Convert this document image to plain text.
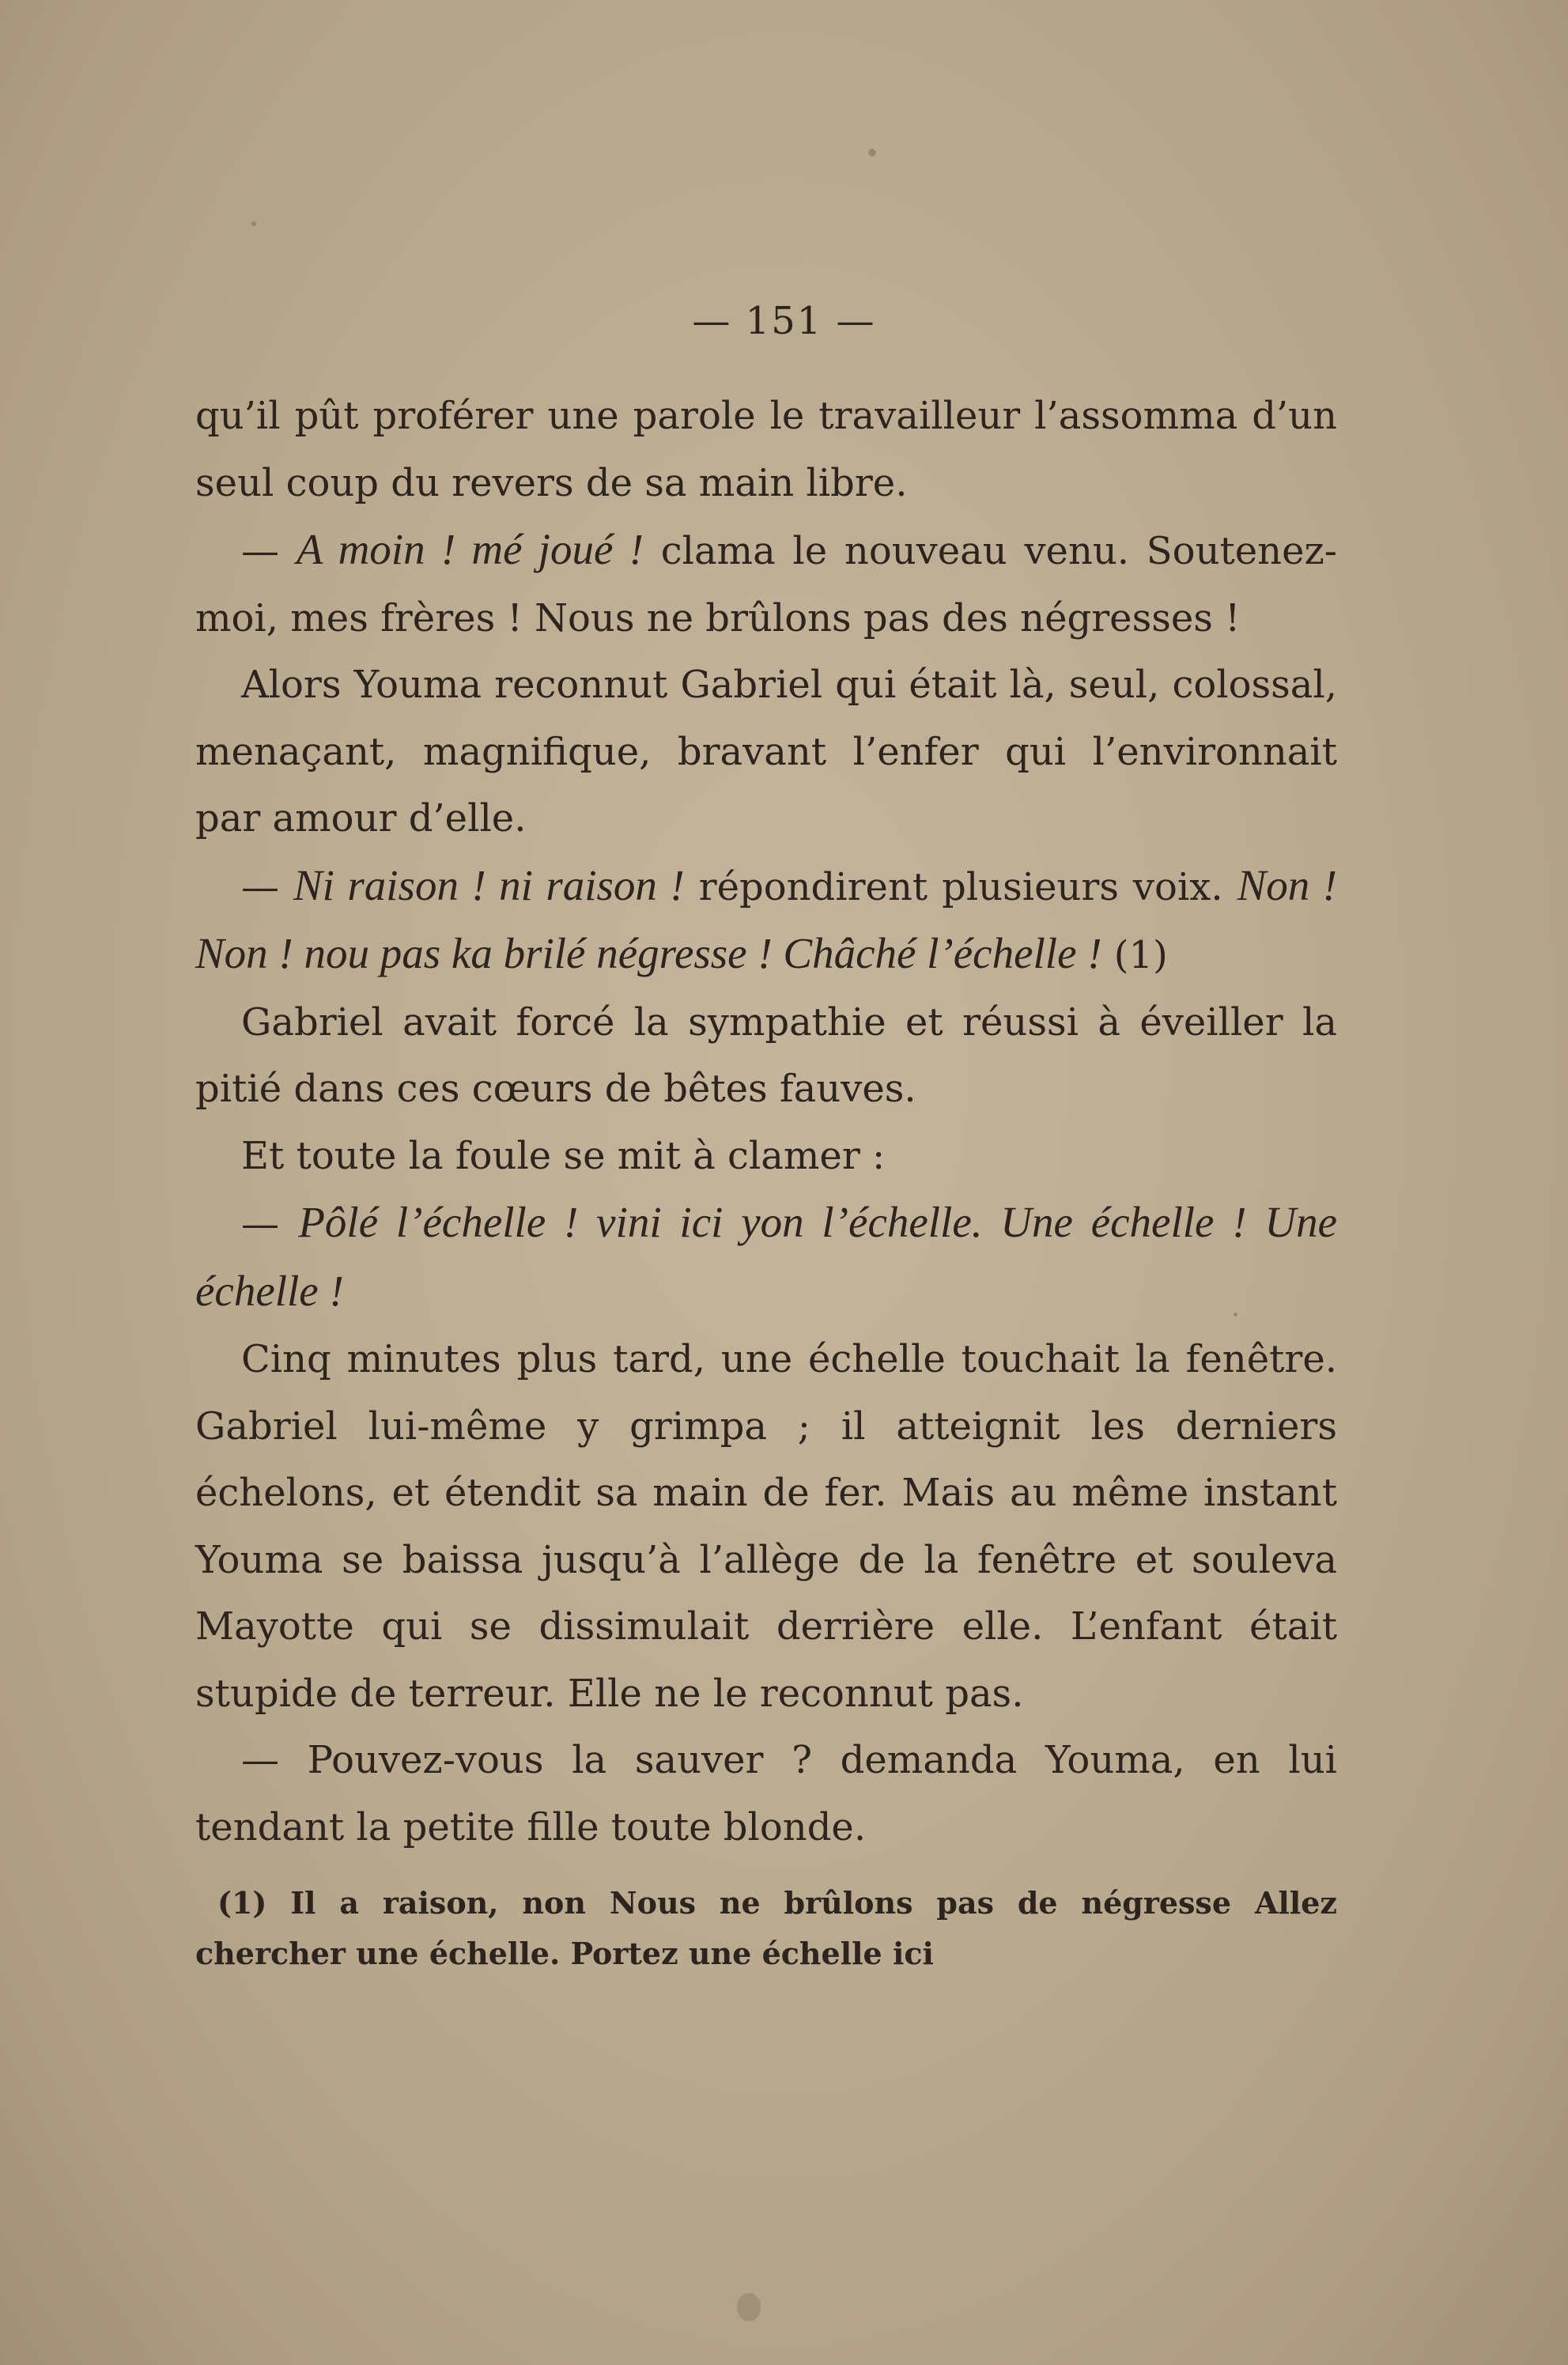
— 151 —

qu’il pût proférer une parole le travailleur l’assomma d’un seul coup du revers de sa main libre.

— A moin ! mé joué ! clama le nouveau venu. Soutenez-moi, mes frères ! Nous ne brûlons pas des négresses !

Alors Youma reconnut Gabriel qui était là, seul, colossal, menaçant, magnifique, bravant l’enfer qui l’environnait par amour d’elle.

— Ni raison ! ni raison ! répondirent plusieurs voix. Non ! Non ! nou pas ka brilé négresse ! Châché l’échelle ! (1)

Gabriel avait forcé la sympathie et réussi à éveiller la pitié dans ces cœurs de bêtes fauves.

Et toute la foule se mit à clamer :

— Pôlé l’échelle ! vini ici yon l’échelle. Une échelle ! Une échelle !

Cinq minutes plus tard, une échelle touchait la fenêtre. Gabriel lui-même y grimpa ; il atteignit les derniers échelons, et étendit sa main de fer. Mais au même instant Youma se baissa jusqu’à l’allège de la fenêtre et souleva Mayotte qui se dissimulait derrière elle. L’enfant était stupide de terreur. Elle ne le reconnut pas.

— Pouvez-vous la sauver ? demanda Youma, en lui tendant la petite fille toute blonde.

(1) Il a raison, non Nous ne brûlons pas de négresse Allez chercher une échelle. Portez une échelle ici
